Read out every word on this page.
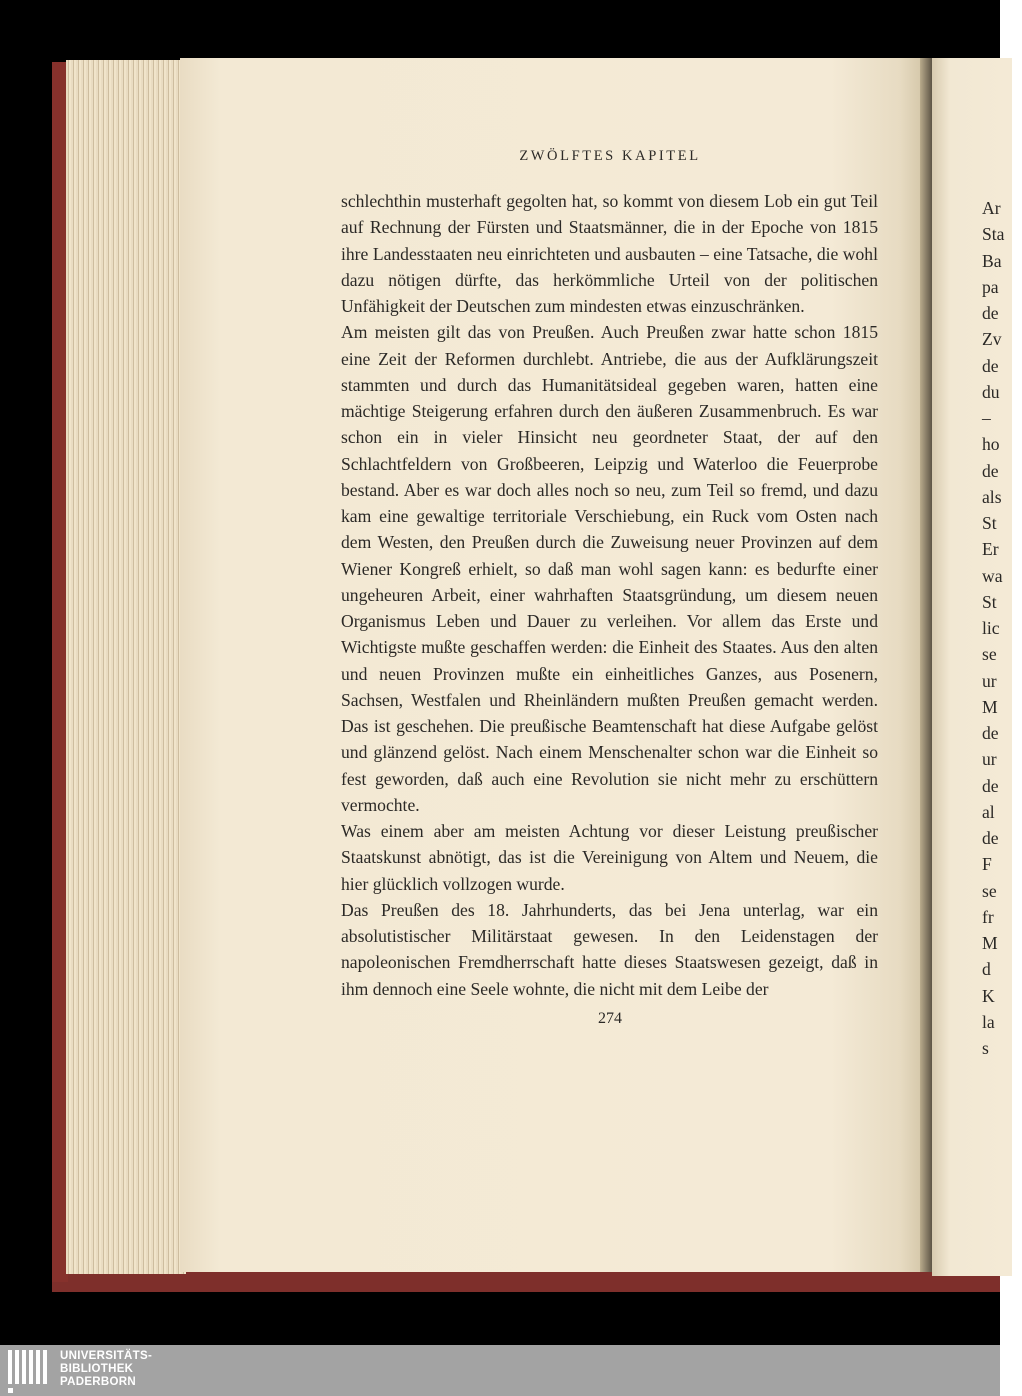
ZWÖLFTES KAPITEL

schlechthin musterhaft gegolten hat, so kommt von diesem Lob ein gut Teil auf Rechnung der Fürsten und Staatsmänner, die in der Epoche von 1815 ihre Landesstaaten neu einrichteten und ausbauten – eine Tatsache, die wohl dazu nötigen dürfte, das herkömmliche Urteil von der politischen Unfähigkeit der Deutschen zum mindesten etwas einzuschränken.

Am meisten gilt das von Preußen. Auch Preußen zwar hatte schon 1815 eine Zeit der Reformen durchlebt. Antriebe, die aus der Aufklärungszeit stammten und durch das Humanitätsideal gegeben waren, hatten eine mächtige Steigerung erfahren durch den äußeren Zusammenbruch. Es war schon ein in vieler Hinsicht neu geordneter Staat, der auf den Schlachtfeldern von Großbeeren, Leipzig und Waterloo die Feuerprobe bestand. Aber es war doch alles noch so neu, zum Teil so fremd, und dazu kam eine gewaltige territoriale Verschiebung, ein Ruck vom Osten nach dem Westen, den Preußen durch die Zuweisung neuer Provinzen auf dem Wiener Kongreß erhielt, so daß man wohl sagen kann: es bedurfte einer ungeheuren Arbeit, einer wahrhaften Staatsgründung, um diesem neuen Organismus Leben und Dauer zu verleihen. Vor allem das Erste und Wichtigste mußte geschaffen werden: die Einheit des Staates. Aus den alten und neuen Provinzen mußte ein einheitliches Ganzes, aus Posenern, Sachsen, Westfalen und Rheinländern mußten Preußen gemacht werden. Das ist geschehen. Die preußische Beamtenschaft hat diese Aufgabe gelöst und glänzend gelöst. Nach einem Menschenalter schon war die Einheit so fest geworden, daß auch eine Revolution sie nicht mehr zu erschüttern vermochte.

Was einem aber am meisten Achtung vor dieser Leistung preußischer Staatskunst abnötigt, das ist die Vereinigung von Altem und Neuem, die hier glücklich vollzogen wurde.

Das Preußen des 18. Jahrhunderts, das bei Jena unterlag, war ein absolutistischer Militärstaat gewesen. In den Leidenstagen der napoleonischen Fremdherrschaft hatte dieses Staatswesen gezeigt, daß in ihm dennoch eine Seele wohnte, die nicht mit dem Leibe der

274
Ar
Sta
Ba
pa
de
Zv
de
du
–
ho
de
als
St
Er
wa
St
lic
se
ur
M
de
ur
de
al
de
F
se
fr
M
d
K
la
s
UNIVERSITÄTS-
BIBLIOTHEK
PADERBORN
